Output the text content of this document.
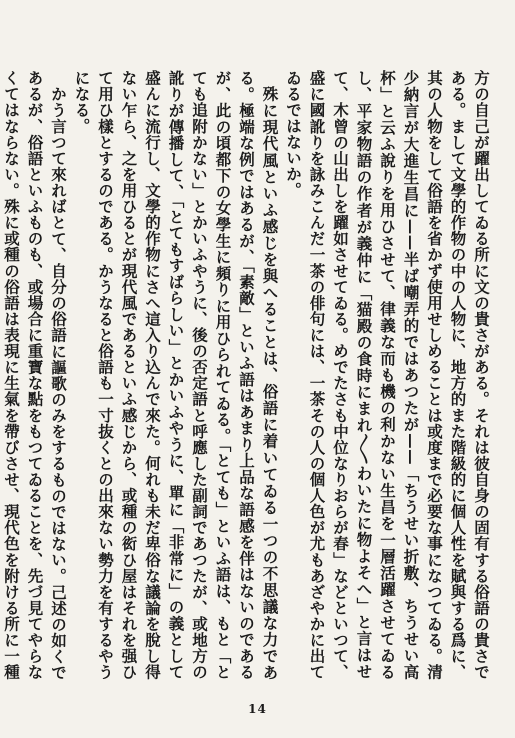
方の自己が躍出してゐる所に文の貴さがある。それは彼自身の固有する俗語の貴さである。まして文學的作物の中の人物に、地方的また階級的に個人性を賦與する爲に、其の人物をして俗語を省かず使用せしめることは或度まで必要な事になつてゐる。清少納言が大進生昌に——半ば嘲弄的ではあつたが——「ちうせい折敷、ちうせい高杯」と云ふ說りを用ひさせて、律義な而も機の利かない生昌を一層活躍させてゐるし、平家物語の作者が義仲に「猫殿の食時にまれ〳〵わいたに物よそへ」と言はせて、木曾の山出しを躍如させてゐる。めでたさも中位なりおらが春」などといつて、盛に國訛りを詠みこんだ一茶の俳句には、一茶その人の個人色が尤もあざやかに出てゐるではないか。

殊に現代風といふ感じを與へることは、俗語に着いてゐる一つの不思議な力である。極端な例ではあるが、「素敵」といふ語はあまり上品な語感を伴はないのであるが、此の頃都下の女學生に頻りに用ひられてゐる。「とても」といふ語は、もと「とても追附かない」とかいふやうに、後の否定語と呼應した副詞であつたが、或地方の訛りが傳播して、「とてもすばらしい」とかいふやうに、單に「非常に」の義として盛んに流行し、文學的作物にさへ這入り込んで來た。何れも未だ卑俗な議論を脫し得ない乍ら、之を用ひるとが現代風であるといふ感じから、或種の衒ひ屋はそれを强ひて用ひ樣とするのである。かうなると俗語も一寸抜くとの出來ない勢力を有するやうになる。

かう言つて來ればとて、自分の俗語に謳歌のみをするものではない。己述の如くであるが、俗語といふものも、或場合に重寶な點をもつてゐることを、先づ見てやらなくてはならない。殊に或種の俗語は表現に生氣を帶びさせ、現代色を附ける所に一種

14
